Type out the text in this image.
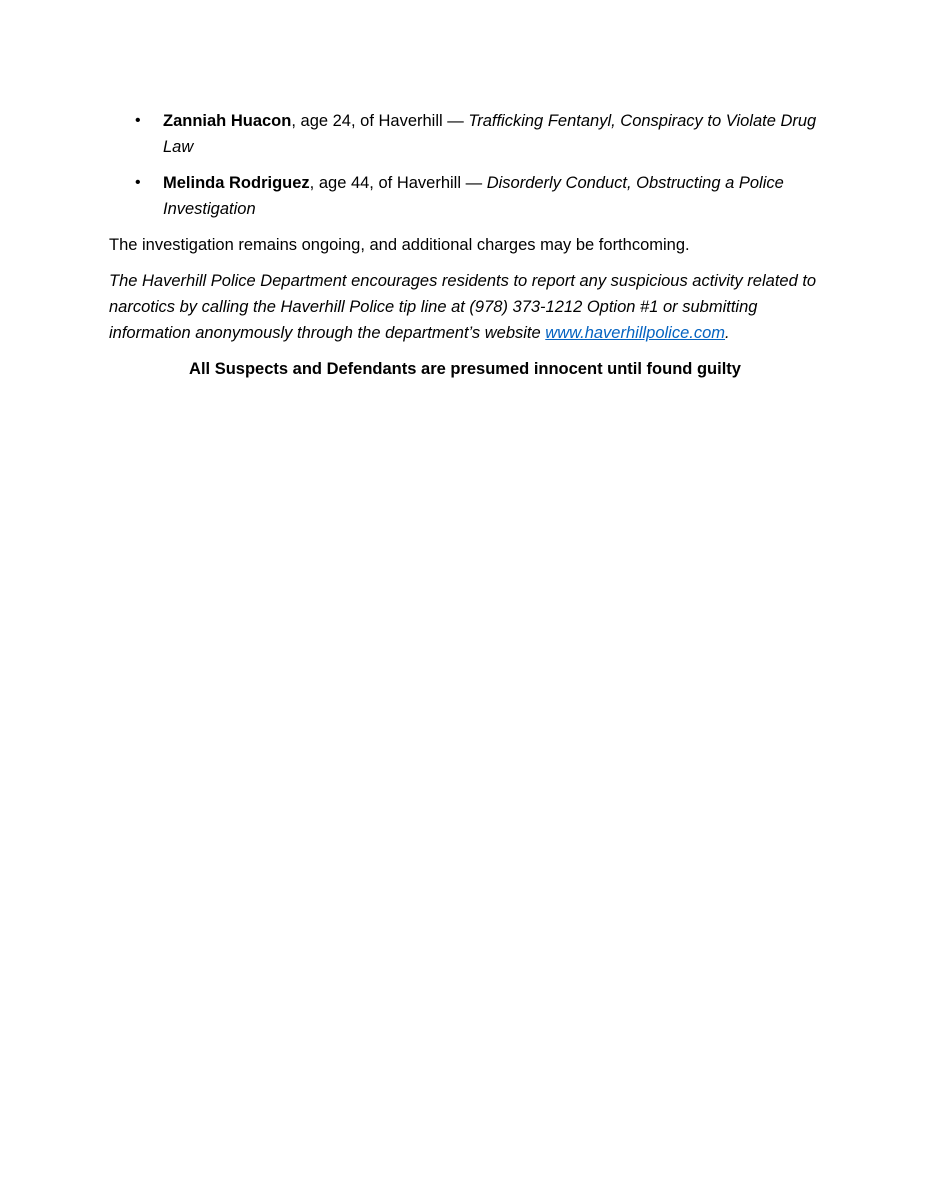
• Zanniah Huacon, age 24, of Haverhill — Trafficking Fentanyl, Conspiracy to Violate Drug Law
• Melinda Rodriguez, age 44, of Haverhill — Disorderly Conduct, Obstructing a Police Investigation

The investigation remains ongoing, and additional charges may be forthcoming.

The Haverhill Police Department encourages residents to report any suspicious activity related to narcotics by calling the Haverhill Police tip line at (978) 373-1212 Option #1 or submitting information anonymously through the department’s website www.haverhillpolice.com.

All Suspects and Defendants are presumed innocent until found guilty
